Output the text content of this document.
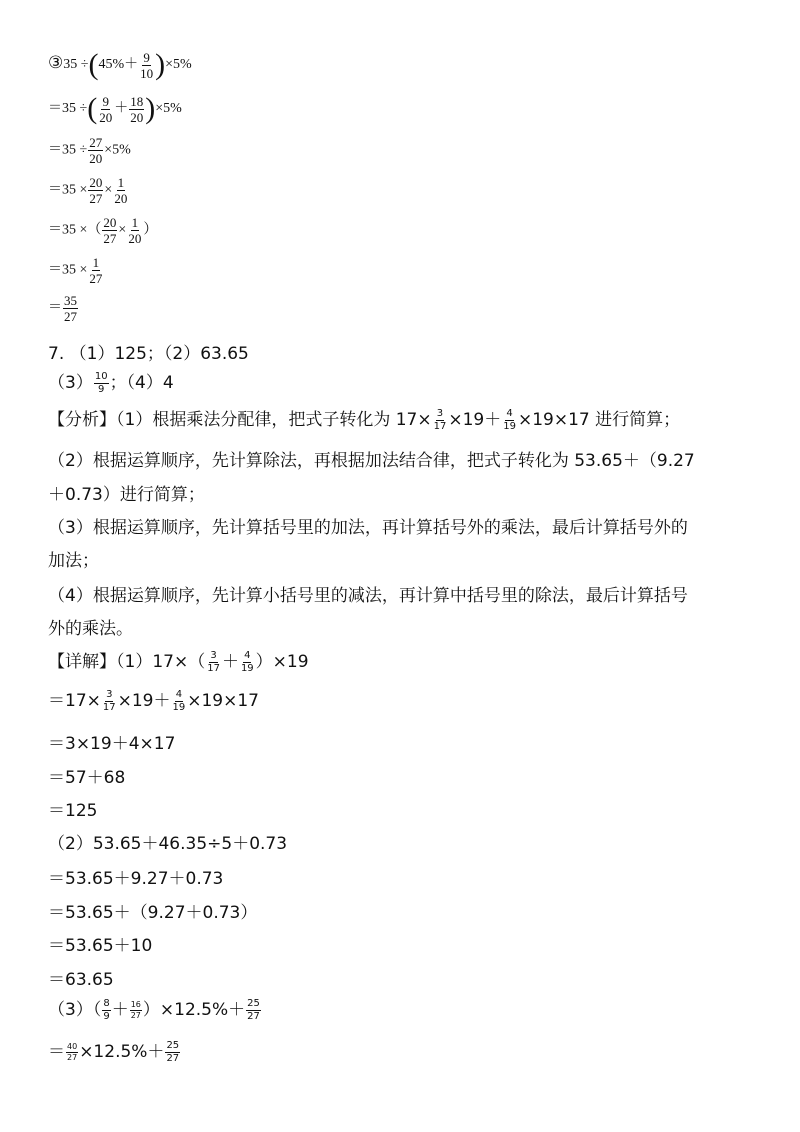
③35 $\div(45\%+ \frac{9}{10} )\times 5\%$
＝35 ÷( $\frac{9}{20} + \frac{18}{20} )\times 5\%$
$=35 \div \frac{27}{20} \times 5\%$
$=35 \times \frac{20}{27} \times \frac{1}{20}$
＝35 ×（ $\frac{20}{27} \times \frac{1}{20}$ ）
$=35 \times \frac{1}{27}$
＝ $\frac{35}{27}$
7. （1）125；（2）63.65
$(3) \frac{10}{9}$ ；（4）4
【分析】（1）根据乘法分配律，把式子转化为 $17\times \frac{3}{17} \times 19+ \frac{4}{19} \times 19\times 17$ 进行简算；
（2）根据运算顺序，先计算除法，再根据加法结合律，把式子转化为 53.65＋（9.27
＋0.73）进行简算；
（3）根据运算顺序，先计算括号里的加法，再计算括号外的乘法，最后计算括号外的
加法；
（4）根据运算顺序，先计算小括号里的减法，再计算中括号里的除法，最后计算括号
外的乘法。
【详解】$(1)17\times( \frac{3}{17} + \frac{4}{19} )\times 19$
$=17\times \frac{3}{17} \times 19+ \frac{4}{19} \times 19\times 17$
＝3×19＋4×17
＝57＋68
＝125
（2）53.65＋46.35÷5＋0.73
＝53.65＋9.27＋0.73
＝53.65＋（9.27＋0.73）
＝53.65＋10
＝63.65
$(3)( \frac{8}{9} + \frac{16}{27} )\times 12.5\%+ \frac{25}{27}$
＝ $\frac{40}{27} \times 12.5\%+ \frac{25}{27}$
